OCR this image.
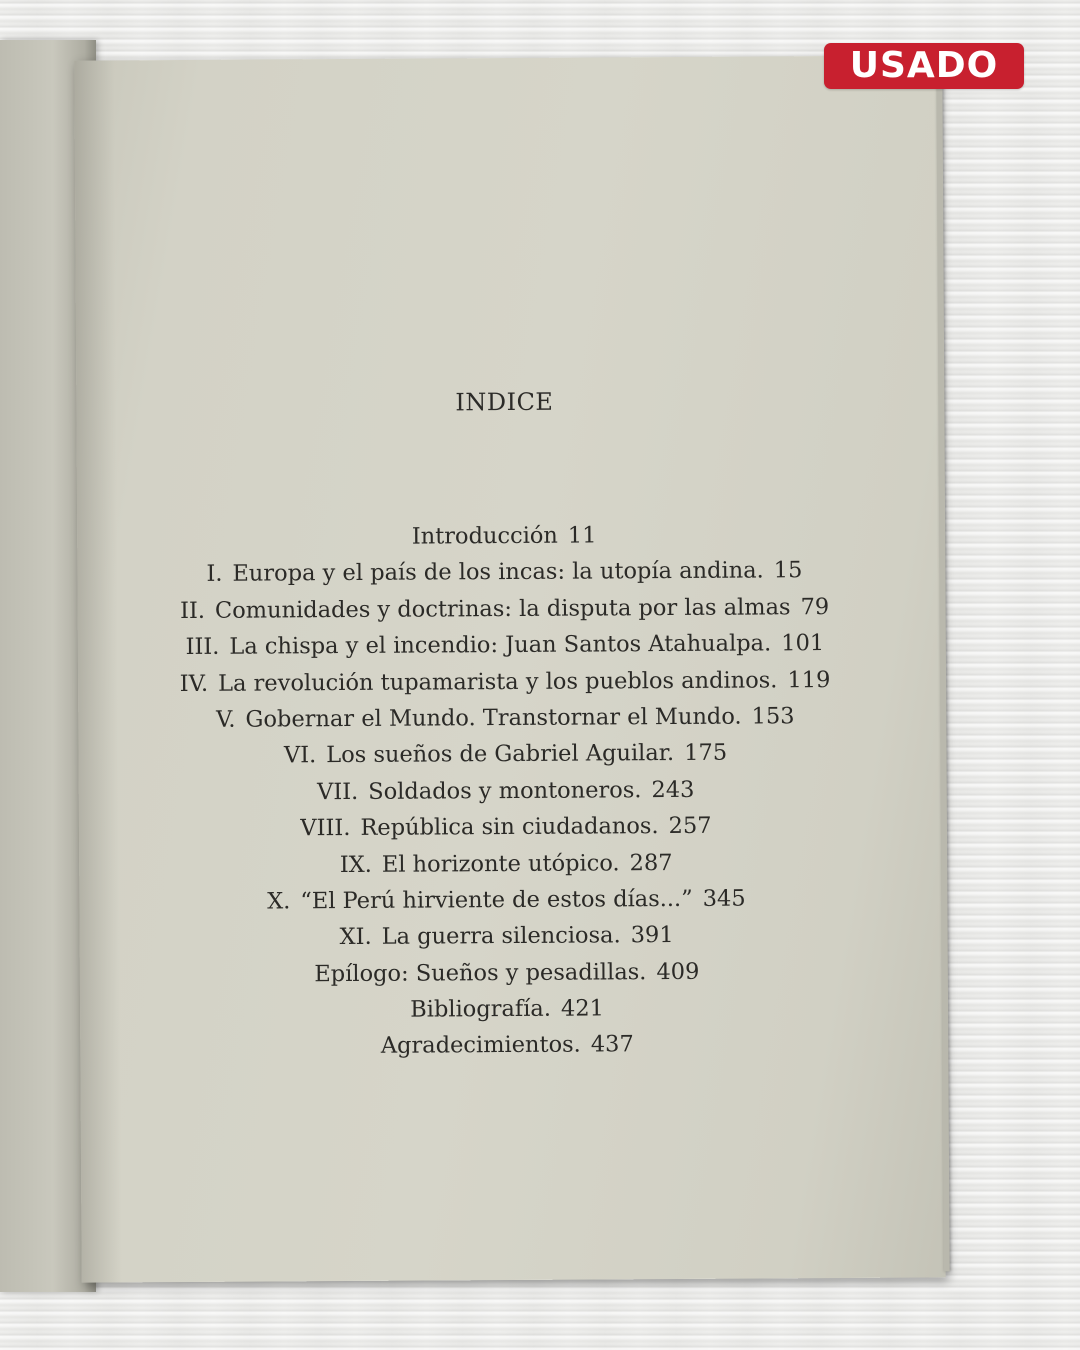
INDICE
Introducción 11
I. Europa y el país de los incas: la utopía andina. 15
II. Comunidades y doctrinas: la disputa por las almas 79
III. La chispa y el incendio: Juan Santos Atahualpa. 101
IV. La revolución tupamarista y los pueblos andinos. 119
V. Gobernar el Mundo. Transtornar el Mundo. 153
VI. Los sueños de Gabriel Aguilar. 175
VII. Soldados y montoneros. 243
VIII. República sin ciudadanos. 257
IX. El horizonte utópico. 287
X. “El Perú hirviente de estos días...” 345
XI. La guerra silenciosa. 391
Epílogo: Sueños y pesadillas. 409
Bibliografía. 421
Agradecimientos. 437
USADO
